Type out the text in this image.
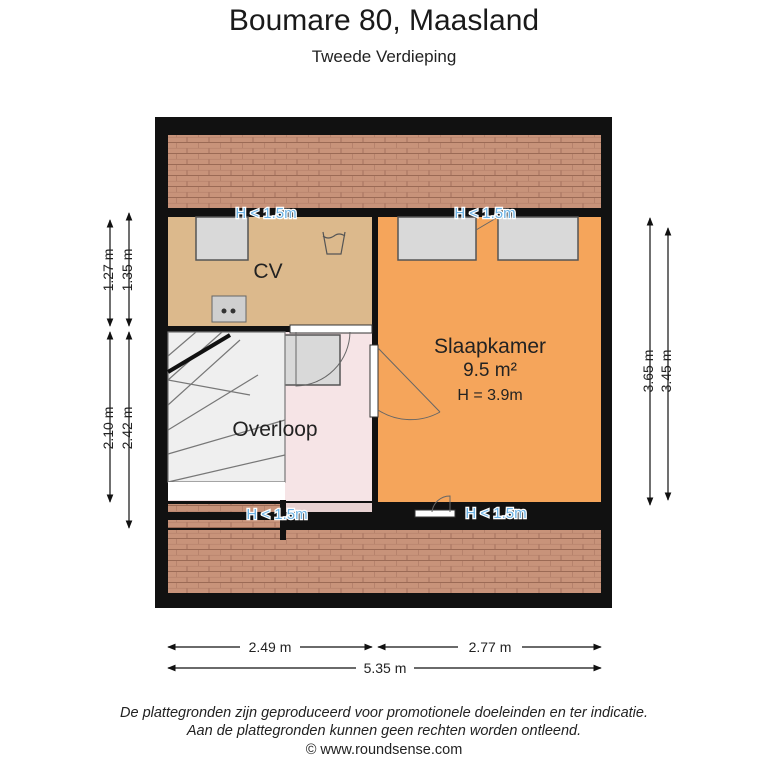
Boumare 80, Maasland
Tweede Verdieping
CV
Slaapkamer
9.5 m²
H = 3.9m
Overloop
H < 1.5m	H < 1.5m
H < 1.5m	H < 1.5m
1.27 m
2.10 m
1.35 m
2.42 m
3.65 m 3.45 m
2.49 m	2.77 m
5.35 m
De plattegronden zijn geproduceerd voor promotionele doeleinden en ter indicatie.
Aan de plattegronden kunnen geen rechten worden ontleend.
© www.roundsense.com
